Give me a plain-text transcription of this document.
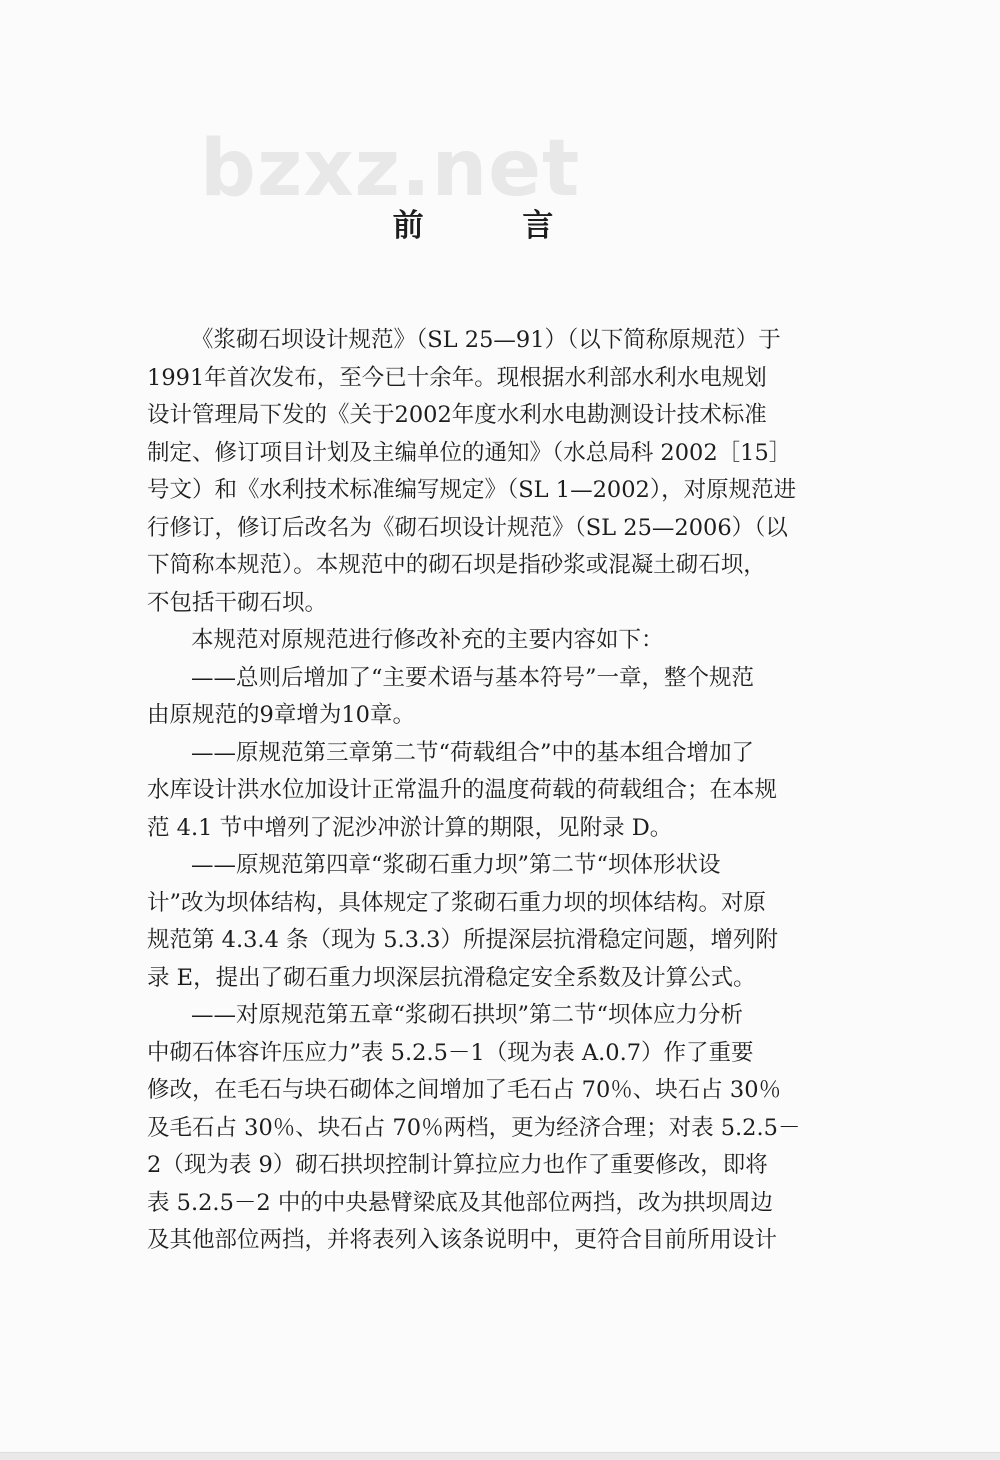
bzxz.net
前 言
《浆砌石坝设计规范》（SL 25—91）（以下简称原规范）于
1991年首次发布，至今已十余年。现根据水利部水利水电规划
设计管理局下发的《关于2002年度水利水电勘测设计技术标准
制定、修订项目计划及主编单位的通知》（水总局科 2002［15］
号文）和《水利技术标准编写规定》（SL 1—2002），对原规范进
行修订，修订后改名为《砌石坝设计规范》（SL 25—2006）（以
下简称本规范）。本规范中的砌石坝是指砂浆或混凝土砌石坝，
不包括干砌石坝。
本规范对原规范进行修改补充的主要内容如下：
——总则后增加了“主要术语与基本符号”一章，整个规范
由原规范的9章增为10章。
——原规范第三章第二节“荷载组合”中的基本组合增加了
水库设计洪水位加设计正常温升的温度荷载的荷载组合；在本规
范 4.1 节中增列了泥沙冲淤计算的期限，见附录 D。
——原规范第四章“浆砌石重力坝”第二节“坝体形状设
计”改为坝体结构，具体规定了浆砌石重力坝的坝体结构。对原
规范第 4.3.4 条（现为 5.3.3）所提深层抗滑稳定问题，增列附
录 E，提出了砌石重力坝深层抗滑稳定安全系数及计算公式。
——对原规范第五章“浆砌石拱坝”第二节“坝体应力分析
中砌石体容许压应力”表 5.2.5－1（现为表 A.0.7）作了重要
修改，在毛石与块石砌体之间增加了毛石占 70％、块石占 30％
及毛石占 30％、块石占 70％两档，更为经济合理；对表 5.2.5－
2（现为表 9）砌石拱坝控制计算拉应力也作了重要修改，即将
表 5.2.5－2 中的中央悬臂梁底及其他部位两挡，改为拱坝周边
及其他部位两挡，并将表列入该条说明中，更符合目前所用设计
